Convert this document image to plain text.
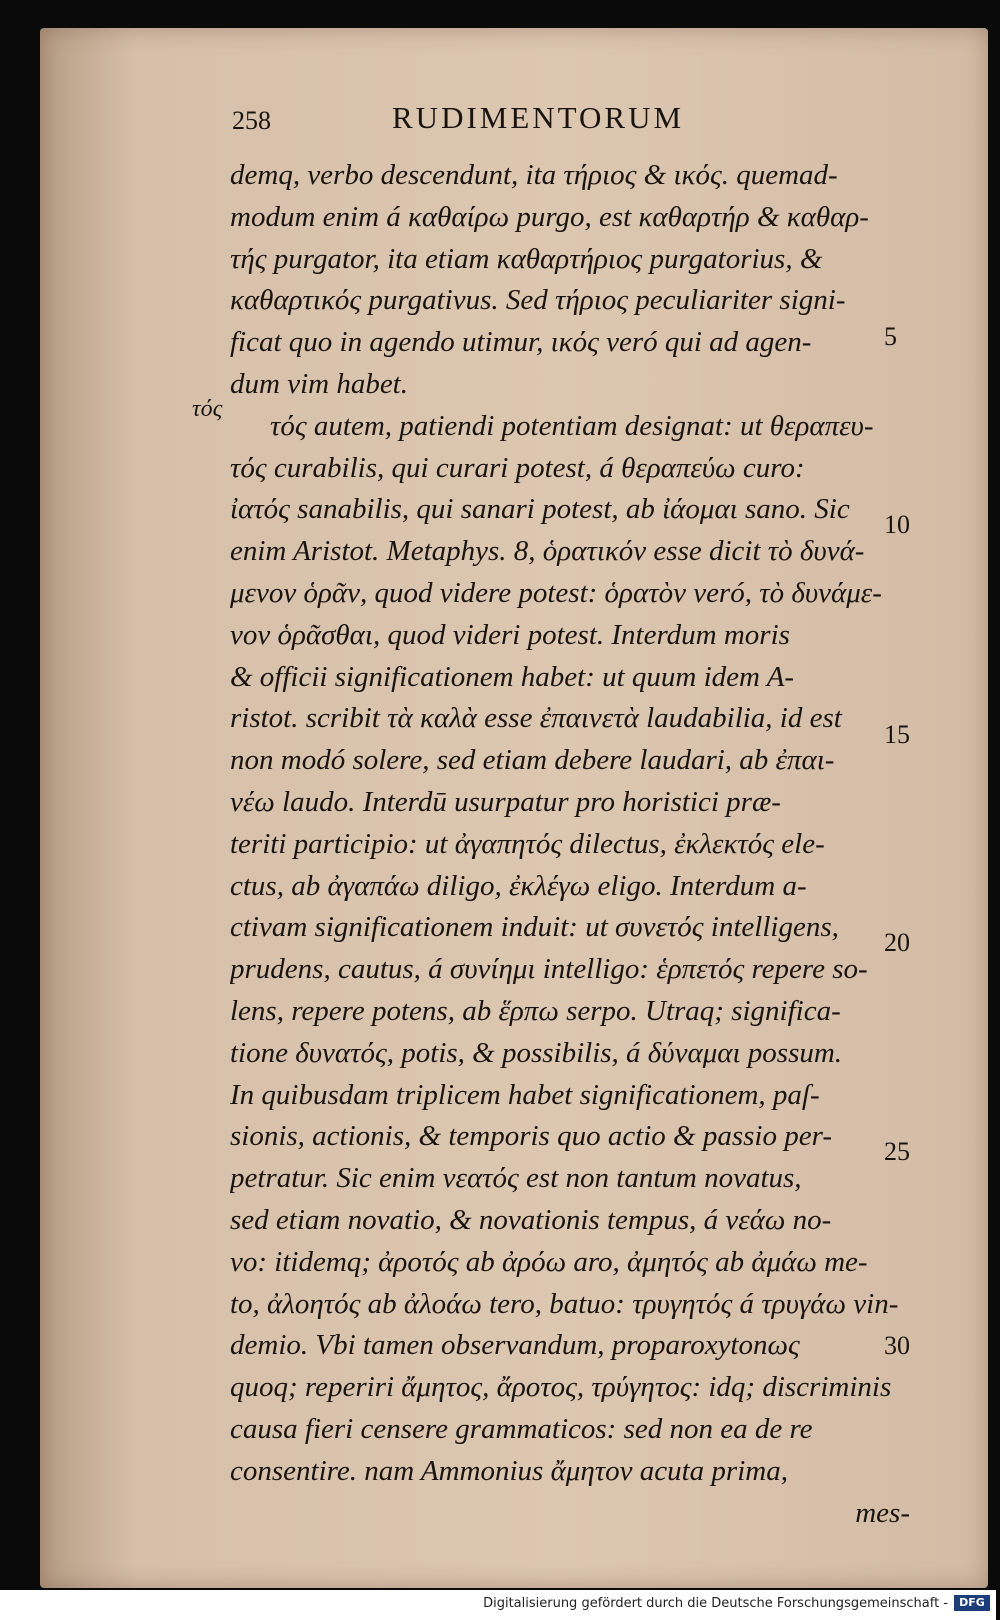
258	RUDIMENTORUM
τός
demq, verbo descendunt, ita τήριος & ικός. quemad-
modum enim á καθαίρω purgo, est καθαρτήρ & καθαρ-
τής purgator, ita etiam καθαρτήριος purgatorius, &
καθαρτικός purgativus. Sed τήριος peculiariter signi-
ficat quo in agendo utimur, ικός veró qui ad agen-
dum vim habet.
τός autem, patiendi potentiam designat: ut θεραπευ-
τός curabilis, qui curari potest, á θεραπεύω curo:
ἰατός sanabilis, qui sanari potest, ab ἰάομαι sano. Sic
enim Aristot. Metaphys. 8, ὁρατικόν esse dicit τὸ δυνά-
μενον ὁρᾶν, quod videre potest: ὁρατὸν veró, τὸ δυνάμε-
νον ὁρᾶσθαι, quod videri potest. Interdum moris
& officii significationem habet: ut quum idem A-
ristot. scribit τὰ καλὰ esse ἐπαινετὰ laudabilia, id est
non modó solere, sed etiam debere laudari, ab ἐπαι-
νέω laudo. Interdū usurpatur pro horistici præ-
teriti participio: ut ἀγαπητός dilectus, ἐκλεκτός ele-
ctus, ab ἀγαπάω diligo, ἐκλέγω eligo. Interdum a-
ctivam significationem induit: ut συνετός intelligens,
prudens, cautus, á συνίημι intelligo: ἑρπετός repere so-
lens, repere potens, ab ἕρπω serpo. Utraq; significa-
tione δυνατός, potis, & possibilis, á δύναμαι possum.
In quibusdam triplicem habet significationem, paſ-
sionis, actionis, & temporis quo actio & passio per-
petratur. Sic enim νεατός est non tantum novatus,
sed etiam novatio, & novationis tempus, á νεάω no-
vo: itidemq; ἀροτός ab ἀρόω aro, ἀμητός ab ἀμάω me-
to, ἀλοητός ab ἀλοάω tero, batuo: τρυγητός á τρυγάω vin-
demio. Vbi tamen observandum, proparoxytonως
quoq; reperiri ἄμητος, ἄροτος, τρύγητος: idq; discriminis
causa fieri censere grammaticos: sed non ea de re
consentire. nam Ammonius ἄμητον acuta prima,
mes-
5
10
15
20
25
30
Digitalisierung gefördert durch die Deutsche Forschungsgemeinschaft -	DFG
